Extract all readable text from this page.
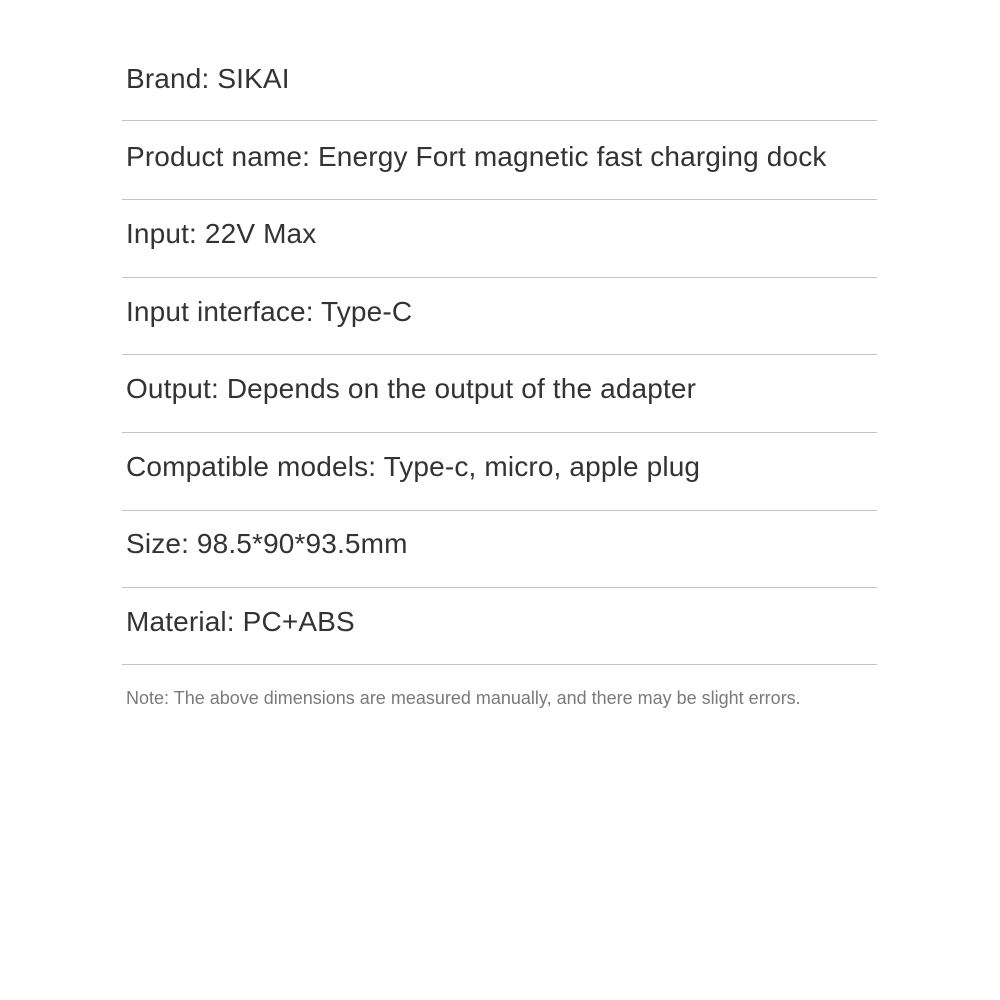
Brand: SIKAI
Product name: Energy Fort magnetic fast charging dock
Input: 22V Max
Input interface: Type-C
Output: Depends on the output of the adapter
Compatible models: Type-c, micro, apple plug
Size: 98.5*90*93.5mm
Material: PC+ABS
Note: The above dimensions are measured manually, and there may be slight errors.
